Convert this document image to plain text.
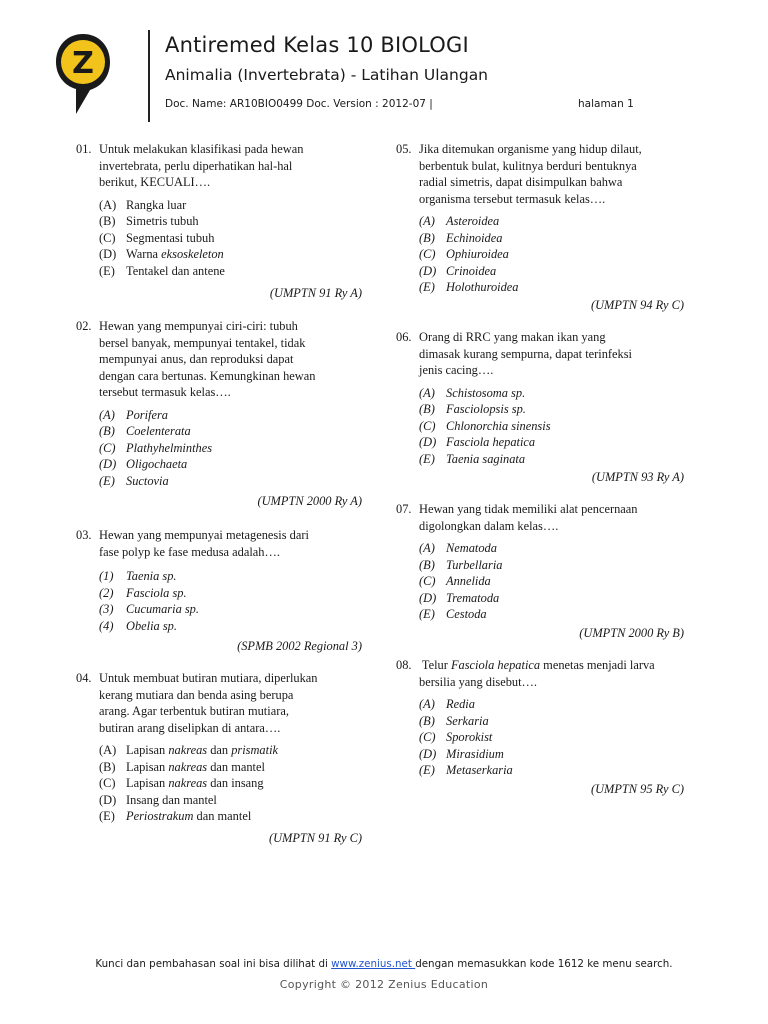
Z
Antiremed Kelas 10 BIOLOGI
Animalia (Invertebrata) - Latihan Ulangan
Doc. Name: AR10BIO0499 Doc. Version : 2012-07 |	halaman 1
01. Untuk melakukan klasifikasi pada hewan
invertebrata, perlu diperhatikan hal-hal
berikut, KECUALI….
(A) Rangka luar
(B) Simetris tubuh
(C) Segmentasi tubuh
(D) Warna eksoskeleton
(E) Tentakel dan antene
(UMPTN 91 Ry A)
02. Hewan yang mempunyai ciri-ciri: tubuh
bersel banyak, mempunyai tentakel, tidak
mempunyai anus, dan reproduksi dapat
dengan cara bertunas. Kemungkinan hewan
tersebut termasuk kelas….
(A) Porifera
(B) Coelenterata
(C) Plathyhelminthes
(D) Oligochaeta
(E) Suctovia
(UMPTN 2000 Ry A)
03. Hewan yang mempunyai metagenesis dari
fase polyp ke fase medusa adalah….
(1) Taenia sp.
(2) Fasciola sp.
(3) Cucumaria sp.
(4) Obelia sp.
(SPMB 2002 Regional 3)
04. Untuk membuat butiran mutiara, diperlukan
kerang mutiara dan benda asing berupa
arang. Agar terbentuk butiran mutiara,
butiran arang diselipkan di antara….
(A) Lapisan nakreas dan prismatik
(B) Lapisan nakreas dan mantel
(C) Lapisan nakreas dan insang
(D) Insang dan mantel
(E) Periostrakum dan mantel
(UMPTN 91 Ry C)
05. Jika ditemukan organisme yang hidup dilaut,
berbentuk bulat, kulitnya berduri bentuknya
radial simetris, dapat disimpulkan bahwa
organisma tersebut termasuk kelas….
(A) Asteroidea
(B) Echinoidea
(C) Ophiuroidea
(D) Crinoidea
(E) Holothuroidea
(UMPTN 94 Ry C)
06. Orang di RRC yang makan ikan yang
dimasak kurang sempurna, dapat terinfeksi
jenis cacing….
(A) Schistosoma sp.
(B) Fasciolopsis sp.
(C) Chlonorchia sinensis
(D) Fasciola hepatica
(E) Taenia saginata
(UMPTN 93 Ry A)
07. Hewan yang tidak memiliki alat pencernaan
digolongkan dalam kelas….
(A) Nematoda
(B) Turbellaria
(C) Annelida
(D) Trematoda
(E) Cestoda
(UMPTN 2000 Ry B)
08. Telur Fasciola hepatica menetas menjadi larva
bersilia yang disebut….
(A) Redia
(B) Serkaria
(C) Sporokist
(D) Mirasidium
(E) Metaserkaria
(UMPTN 95 Ry C)
Kunci dan pembahasan soal ini bisa dilihat di www.zenius.net dengan memasukkan kode 1612 ke menu search.
Copyright © 2012 Zenius Education
